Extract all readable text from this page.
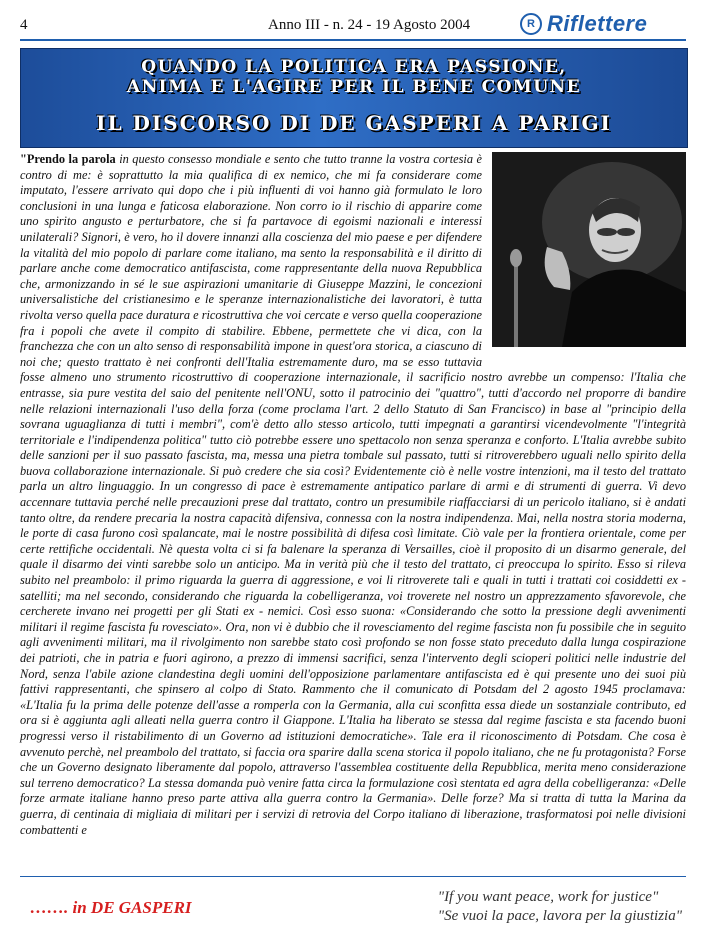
4	Anno III - n. 24 - 19 Agosto 2004	R Riflettere
QUANDO LA POLITICA ERA PASSIONE,
ANIMA E L'AGIRE PER IL BENE COMUNE
IL DISCORSO DI DE GASPERI A PARIGI

"Prendo la parola in questo consesso mondiale e sento che tutto tranne la vostra cortesia è contro di me: è soprattutto la mia qualifica di ex nemico, che mi fa considerare come imputato, l'essere arrivato qui dopo che i più influenti di voi hanno già formulato le loro conclusioni in una lunga e faticosa elaborazione. Non corro io il rischio di apparire come uno spirito angusto e perturbatore, che si fa partavoce di egoismi nazionali e interessi unilaterali? Signori, è vero, ho il dovere innanzi alla coscienza del mio paese e per difendere la vitalità del mio popolo di parlare come italiano, ma sento la responsabilità e il diritto di parlare anche come democratico antifascista, come rappresentante della nuova Repubblica che, armonizzando in sé le sue aspirazioni umanitarie di Giuseppe Mazzini, le concezioni universalistiche del cristianesimo e le speranze internazionalistiche dei lavoratori, è tutta rivolta verso quella pace duratura e ricostruttiva che voi cercate e verso quella cooperazione fra i popoli che avete il compito di stabilire. Ebbene, permettete che vi dica, con la franchezza che con un alto senso di responsabilità impone in quest'ora storica, a ciascuno di noi che; questo trattato è nei confronti dell'Italia estremamente duro, ma se esso tuttavia fosse almeno uno strumento ricostruttivo di cooperazione internazionale, il sacrificio nostro avrebbe un compenso: l'Italia che entrasse, sia pure vestita del saio del penitente nell'ONU, sotto il patrocinio dei "quattro", tutti d'accordo nel proporre di bandire nelle relazioni internazionali l'uso della forza (come proclama l'art. 2 dello Statuto di San Francisco) in base al "principio della sovrana uguaglianza di tutti i membri", com'è detto allo stesso articolo, tutti impegnati a garantirsi vicendevolmente "l'integrità territoriale e l'indipendenza politica" tutto ciò potrebbe essere uno spettacolo non senza speranza e conforto. L'Italia avrebbe subito delle sanzioni per il suo passato fascista, ma, messa una pietra tombale sul passato, tutti si ritroverebbero uguali nello spirito della buova collaborazione internazionale. Si può credere che sia così? Evidentemente ciò è nelle vostre intenzioni, ma il testo del trattato parla un altro linguaggio. In un congresso di pace è estremamente antipatico parlare di armi e di strumenti di guerra. Vi devo accennare tuttavia perché nelle precauzioni prese dal trattato, contro un presumibile riaffacciarsi di un pericolo italiano, si è andati tanto oltre, da rendere precaria la nostra capacità difensiva, connessa con la nostra indipendenza. Mai, nella nostra storia moderna, le porte di casa furono così spalancate, mai le nostre possibilità di difesa così limitate. Ciò vale per la frontiera orientale, come per certe rettifiche occidentali. Nè questa volta ci si fa balenare la speranza di Versailles, cioè il proposito di un disarmo generale, del quale il disarmo dei vinti sarebbe solo un anticipo. Ma in verità più che il testo del trattato, ci preoccupa lo spirito. Esso si rileva subito nel preambolo: il primo riguarda la guerra di aggressione, e voi li ritroverete tali e quali in tutti i trattati coi cosiddetti ex - satelliti; ma nel secondo, considerando che riguarda la cobelligeranza, voi troverete nel nostro un apprezzamento sfavorevole, che cercherete invano nei progetti per gli Stati ex - nemici. Così esso suona: «Considerando che sotto la pressione degli avvenimenti militari il regime fascista fu rovesciato». Ora, non vi è dubbio che il rovesciamento del regime fascista non fu possibile che in seguito agli avvenimenti militari, ma il rivolgimento non sarebbe stato così profondo se non fosse stato preceduto dalla lunga cospirazione dei patrioti, che in patria e fuori agirono, a prezzo di immensi sacrifici, senza l'intervento degli scioperi politici nelle industrie del Nord, senza l'abile azione clandestina degli uomini dell'opposizione parlamentare antifascista ed è qui presente uno dei suoi più fattivi rappresentanti, che spinsero al colpo di Stato. Rammento che il comunicato di Potsdam del 2 agosto 1945 proclamava: «L'Italia fu la prima delle potenze dell'asse a romperla con la Germania, alla cui sconfitta essa diede un sostanziale contributo, ed ora si è aggiunta agli alleati nella guerra contro il Giappone. L'Italia ha liberato se stessa dal regime fascista e sta facendo buoni progressi verso il ristabilimento di un Governo ad istituzioni democratiche». Tale era il riconoscimento di Potsdam. Che cosa è avvenuto perchè, nel preambolo del trattato, si faccia ora sparire dalla scena storica il popolo italiano, che ne fu protagonista? Forse che un Governo designato liberamente dal popolo, attraverso l'assemblea costituente della Repubblica, merita meno considerazione sul terreno democratico? La stessa domanda può venire fatta circa la formulazione così stentata ed agra della cobelligeranza: «Delle forze armate italiane hanno preso parte attiva alla guerra contro la Germania». Delle forze? Ma si tratta di tutta la Marina da guerra, di centinaia di migliaia di militari per i servizi di retrovia del Corpo italiano di liberazione, trasformatosi poi nelle divisioni combattenti e

……. in DE GASPERI
"If you want peace, work for justice"
"Se vuoi la pace, lavora per la giustizia"
